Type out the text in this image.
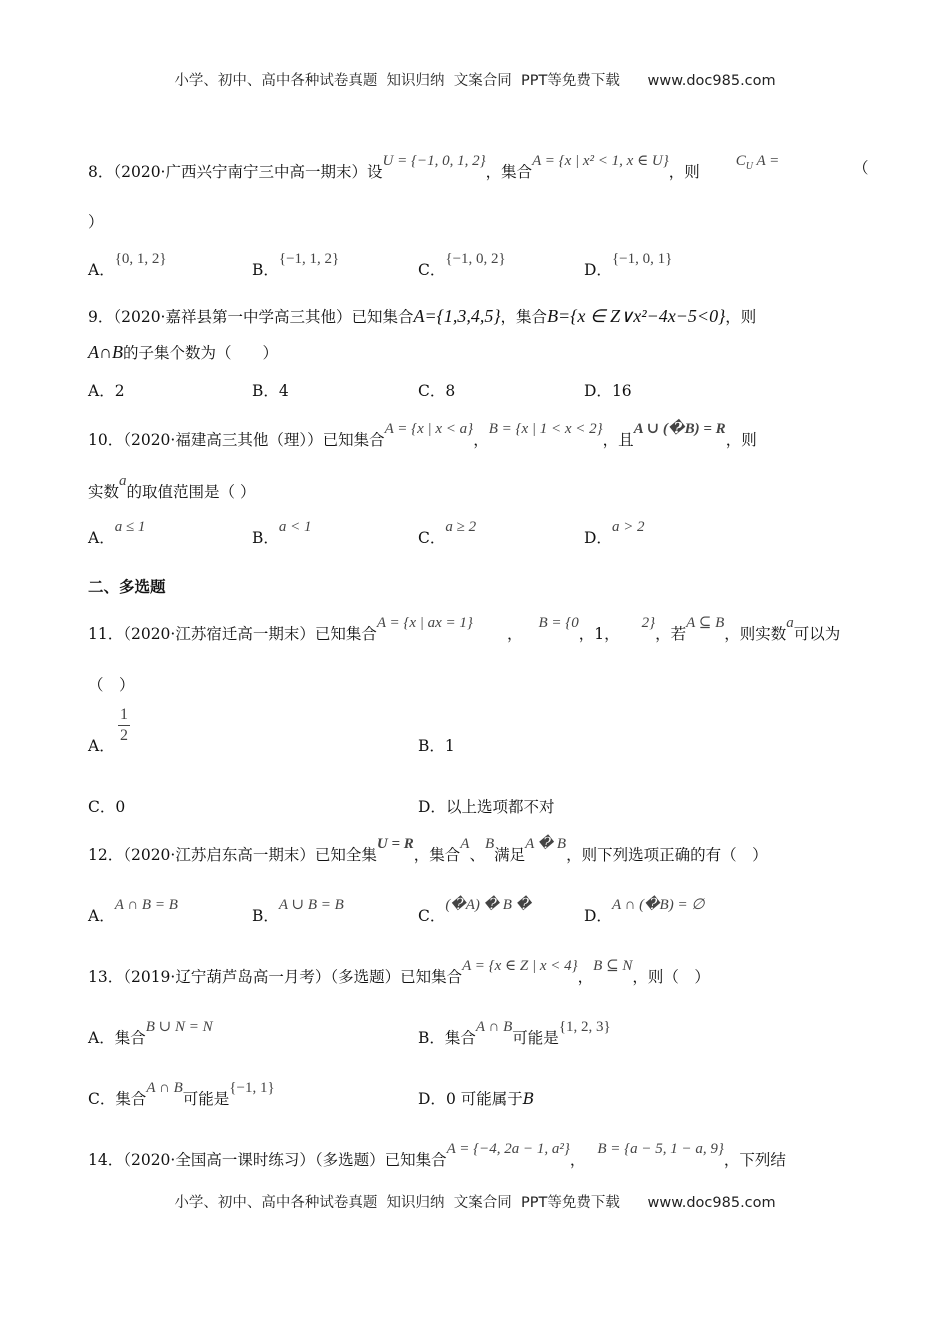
小学、初中、高中各种试卷真题  知识归纳  文案合同  PPT等免费下载      www.doc985.com
小学、初中、高中各种试卷真题  知识归纳  文案合同  PPT等免费下载      www.doc985.com
8．（2020·广西兴宁南宁三中高一期末）设U = {−1, 0, 1, 2}，集合A = {x | x² < 1, x ∈ U}，则$C_U$ A =	（
）
A．{0, 1, 2}
B．{−1, 1, 2}
C．{−1, 0, 2}
D．{−1, 0, 1}
9．（2020·嘉祥县第一中学高三其他）已知集合A={1,3,4,5}，集合B={x ∈ Z∨x²−4x−5<0}，则
A∩B的子集个数为（　　）
A．2	B．4	C．8	D．16
10．（2020·福建高三其他（理））已知集合A = {x | x < a}，B = {x | 1 < x < 2}，且A ∪ (�B) = R，则
实数a的取值范围是（ ）
A．a ≤ 1
B．a < 1
C．a ≥ 2
D．a > 2
二、多选题
11．（2020·江苏宿迁高一期末）已知集合A = {x | ax = 1}，B = {0，1，2}，若A ⊆ B，则实数a可以为
（　）
1
2
A．	B．1
C．0	D．以上选项都不对
12．（2020·江苏启东高一期末）已知全集U = R，集合A、B满足A � B，则下列选项正确的有（　）
A．A ∩ B = B
B．A ∪ B = B
C．(�A) � B �
D．A ∩ (�B) = ∅
13．（2019·辽宁葫芦岛高一月考）（多选题）已知集合A = {x ∈ Z | x < 4}，B ⊆ N，则（　）
A．集合B ∪ N = N
B．集合A ∩ B可能是{1, 2, 3}
C．集合A ∩ B可能是{−1, 1}
D．0 可能属于B
14．（2020·全国高一课时练习）（多选题）已知集合A = {−4, 2a − 1, a²}，B = {a − 5, 1 − a, 9}，下列结
